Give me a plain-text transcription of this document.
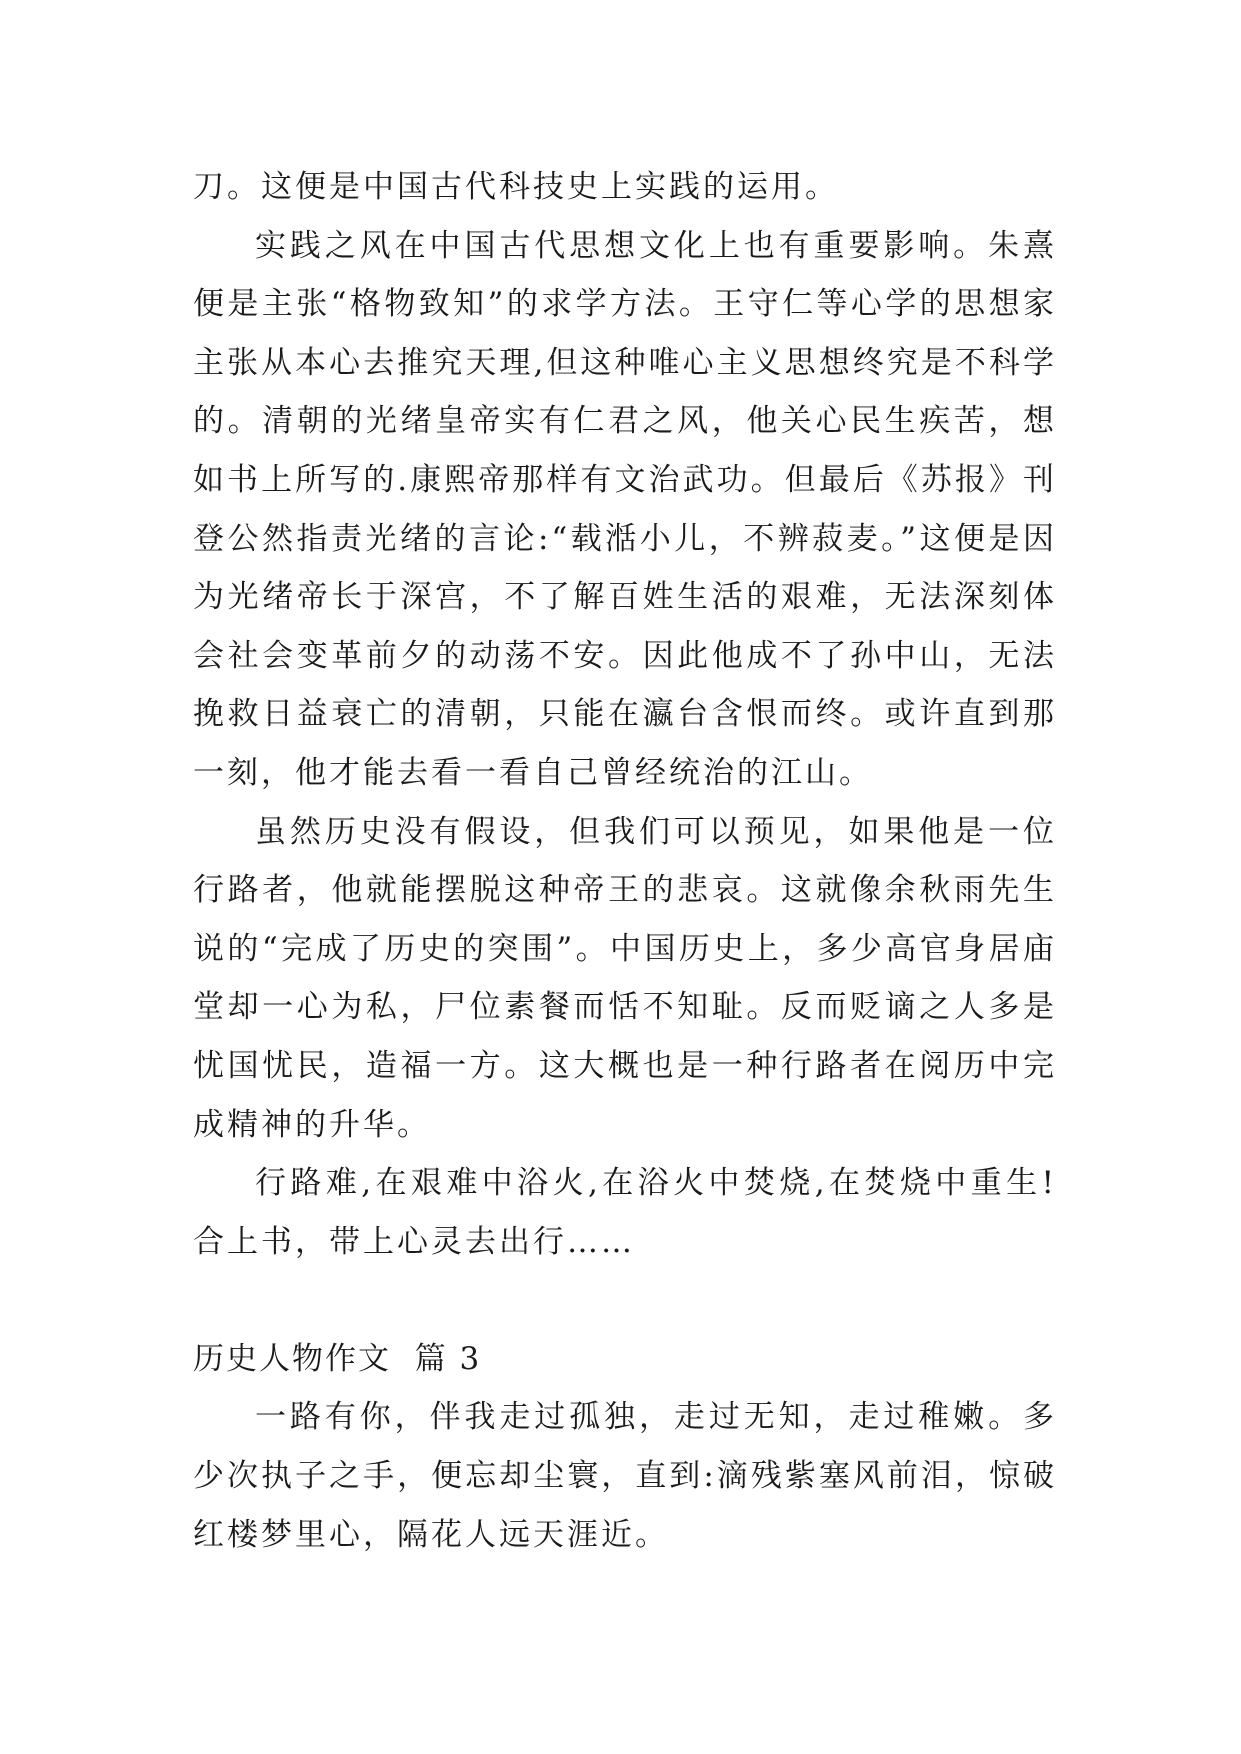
刀。这便是中国古代科技史上实践的运用。

实践之风在中国古代思想文化上也有重要影响。朱熹便是主张“格物致知”的求学方法。王守仁等心学的思想家主张从本心去推究天理,但这种唯心主义思想终究是不科学的。清朝的光绪皇帝实有仁君之风，他关心民生疾苦，想如书上所写的.康熙帝那样有文治武功。但最后《苏报》刊登公然指责光绪的言论:“载湉小儿，不辨菽麦。”这便是因为光绪帝长于深宫，不了解百姓生活的艰难，无法深刻体会社会变革前夕的动荡不安。因此他成不了孙中山，无法挽救日益衰亡的清朝，只能在瀛台含恨而终。或许直到那一刻，他才能去看一看自己曾经统治的江山。

虽然历史没有假设，但我们可以预见，如果他是一位行路者，他就能摆脱这种帝王的悲哀。这就像余秋雨先生说的“完成了历史的突围”。中国历史上，多少高官身居庙堂却一心为私，尸位素餐而恬不知耻。反而贬谪之人多是忧国忧民，造福一方。这大概也是一种行路者在阅历中完成精神的升华。

行路难,在艰难中浴火,在浴火中焚烧,在焚烧中重生!合上书，带上心灵去出行……

历史人物作文  篇 3

一路有你，伴我走过孤独，走过无知，走过稚嫩。多少次执子之手，便忘却尘寰，直到:滴残紫塞风前泪，惊破红楼梦里心，隔花人远天涯近。
